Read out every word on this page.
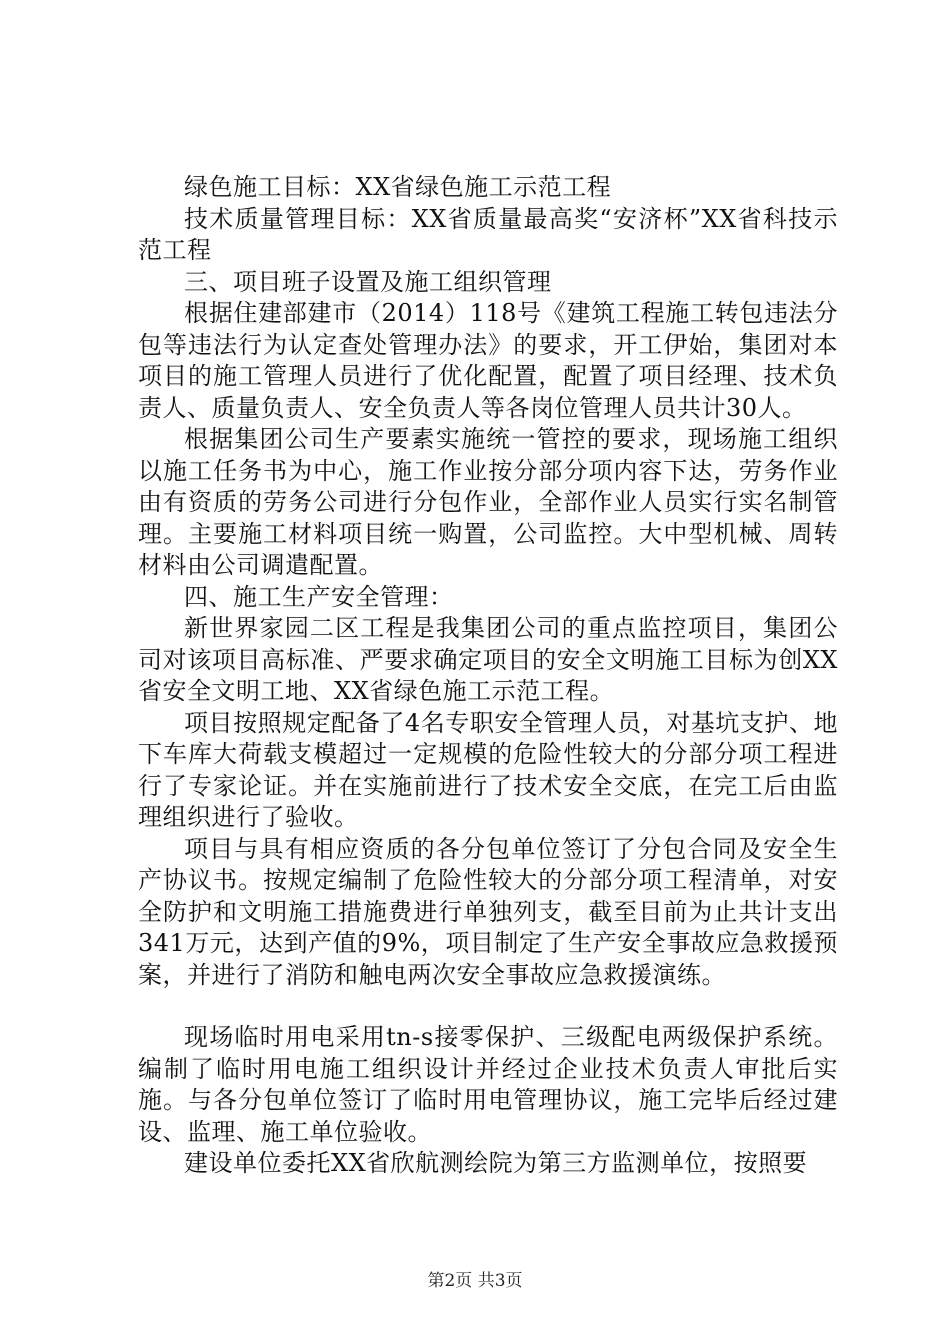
绿色施工目标：XX省绿色施工示范工程

技术质量管理目标：XX省质量最高奖“安济杯”XX省科技示范工程

三、项目班子设置及施工组织管理

根据住建部建市（2014）118号《建筑工程施工转包违法分包等违法行为认定查处管理办法》的要求，开工伊始，集团对本项目的施工管理人员进行了优化配置，配置了项目经理、技术负责人、质量负责人、安全负责人等各岗位管理人员共计30人。

根据集团公司生产要素实施统一管控的要求，现场施工组织以施工任务书为中心，施工作业按分部分项内容下达，劳务作业由有资质的劳务公司进行分包作业，全部作业人员实行实名制管理。主要施工材料项目统一购置，公司监控。大中型机械、周转材料由公司调遣配置。

四、施工生产安全管理：

新世界家园二区工程是我集团公司的重点监控项目，集团公司对该项目高标准、严要求确定项目的安全文明施工目标为创XX省安全文明工地、XX省绿色施工示范工程。

项目按照规定配备了4名专职安全管理人员，对基坑支护、地下车库大荷载支模超过一定规模的危险性较大的分部分项工程进行了专家论证。并在实施前进行了技术安全交底，在完工后由监理组织进行了验收。

项目与具有相应资质的各分包单位签订了分包合同及安全生产协议书。按规定编制了危险性较大的分部分项工程清单，对安全防护和文明施工措施费进行单独列支，截至目前为止共计支出341万元，达到产值的9%，项目制定了生产安全事故应急救援预案，并进行了消防和触电两次安全事故应急救援演练。

现场临时用电采用tn-s接零保护、三级配电两级保护系统。编制了临时用电施工组织设计并经过企业技术负责人审批后实施。与各分包单位签订了临时用电管理协议，施工完毕后经过建设、监理、施工单位验收。

建设单位委托XX省欣航测绘院为第三方监测单位，按照要

第2页 共3页
